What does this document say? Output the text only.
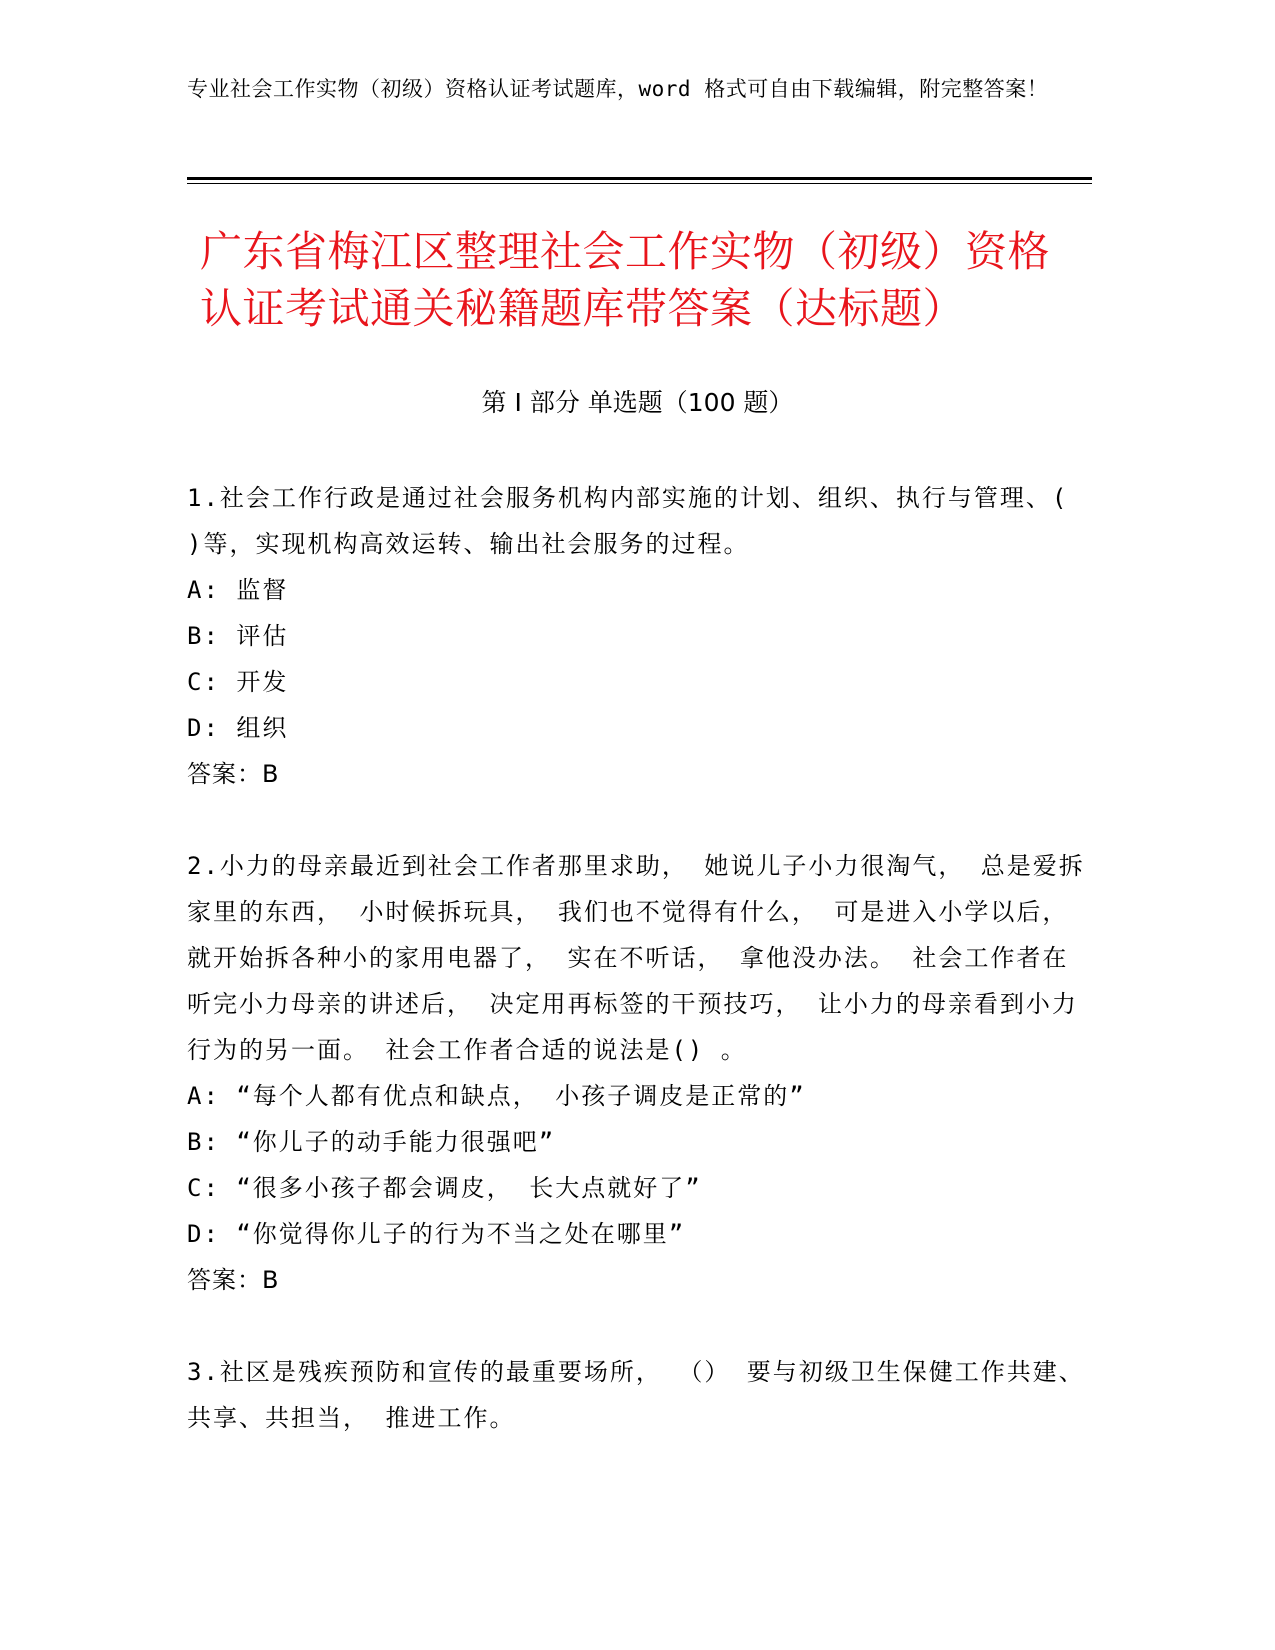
专业社会工作实物（初级）资格认证考试题库，word 格式可自由下载编辑，附完整答案！
广东省梅江区整理社会工作实物（初级）资格认证考试通关秘籍题库带答案（达标题）
第 I 部分 单选题（100 题）
1.社会工作行政是通过社会服务机构内部实施的计划、组织、执行与管理、( )等，实现机构高效运转、输出社会服务的过程。
A: 监督
B: 评估
C: 开发
D: 组织
答案：B
2.小力的母亲最近到社会工作者那里求助， 她说儿子小力很淘气， 总是爱拆家里的东西， 小时候拆玩具， 我们也不觉得有什么， 可是进入小学以后， 就开始拆各种小的家用电器了， 实在不听话， 拿他没办法。 社会工作者在听完小力母亲的讲述后， 决定用再标签的干预技巧， 让小力的母亲看到小力行为的另一面。 社会工作者合适的说法是() 。
A: “每个人都有优点和缺点， 小孩子调皮是正常的”
B: “你儿子的动手能力很强吧”
C: “很多小孩子都会调皮， 长大点就好了”
D: “你觉得你儿子的行为不当之处在哪里”
答案：B
3.社区是残疾预防和宣传的最重要场所， （） 要与初级卫生保健工作共建、 共享、共担当， 推进工作。
